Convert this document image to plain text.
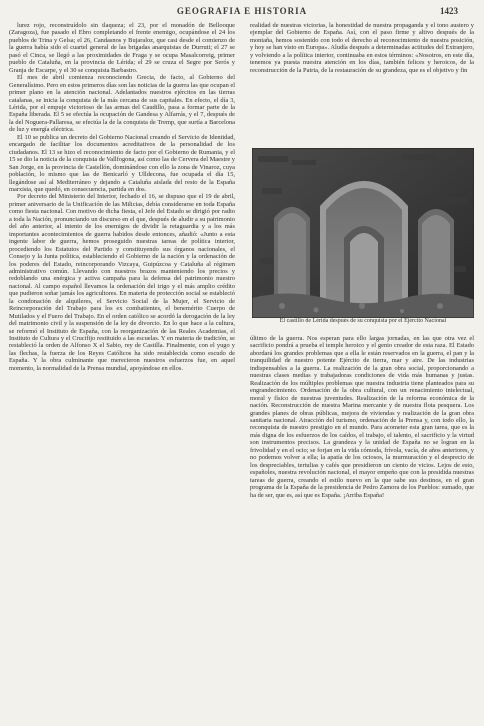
GEOGRAFIA E HISTORIA	1423

lurez rojo, reconstruídolo sin tlaqueza; el 23, por el monadón de Bellooque (Zaragoza), fue pasado el Ebro completando el frente enemigo, ocupándose el 24 los pueblos de Trina y Gelsa; el 26, Candasnos y Bujaraloz, que casi desde el comienzo de la guerra había sido el cuartel general de las brigadas anarquistas de Durruti; el 27 se pasó el Cinca, se llegó a las proximidades de Fraga y se ocupa Masalcorreig, primer pueblo de Cataluña, en la provincia de Lérida; el 29 se cruza el Segre por Serós y Granja de Escarpe, y el 30 se conquista Barbastro.

El mes de abril comienza reconociendo Grecia, de facto, al Gobierno del Generalísimo. Pero en estos primeros días son las noticias de la guerra las que ocupan el primer plano en la atención nacional. Adelantados nuestros ejércitos en las tierras catalanas, se inicia la conquista de la más cercana de sus capitales. En efecto, el día 3, Lérida, por el empuje victorioso de las armas del Caudillo, pasa a formar parte de la España liberada. El 5 se efectúa la ocupación de Gandesa y Alfarrás, y el 7, después de la del Noguera-Pallaresa, se efectúa la de la conquista de Tremp, que surtía a Barcelona de luz y energía eléctrica.

El 10 se publica un decreto del Gobierno Nacional creando el Servicio de Identidad, encargado de facilitar los documentos acreditativos de la personalidad de los ciudadanos. El 13 se hizo el reconocimiento de facto por el Gobierno de Rumania, y el 15 se dio la noticia de la conquista de Vallfogona, así como las de Cervera del Maestre y San Jorge, en la provincia de Castellón, dominándose con ello la zona de Vinaroz, cuya población, lo mismo que las de Benicarló y Ulldecona, fue ocupada el día 15, llegándose así al Mediterráneo y dejando a Cataluña aislada del resto de la España marxista, que quedó, en consecuencia, partida en dos.

Por decreto del Ministerio del Interior, fechado el 16, se dispuso que el 19 de abril, primer aniversario de la Unificación de las Milicias, debía considerarse en toda España como fiesta nacional. Con motivo de dicha fiesta, el Jefe del Estado se dirigió por radio a toda la Nación, pronunciando un discurso en el que, después de aludir a su patrimonio del año anterior, al intento de los enemigos de dividir la retaguardia y a los más importantes acontecimientos de guerra habidos desde entonces, añadió: «Junto a esta ingente labor de guerra, hemos proseguido nuestras tareas de política interior, procediendo los Estatutos del Partido y constituyendo sus órganos nacionales, el Consejo y la Junta política, estableciendo el Gobierno de la nación y la ordenación de los poderes del Estado, reincorporando Vizcaya, Guipúzcoa y Cataluña al régimen administrativo común. Llevando con nuestros brazos manteniendo los precios y redoblando una enérgica y activa campaña para la defensa del patrimonio nuestro nacional. Al campo español llevamos la ordenación del trigo y el más amplio crédito que pudieron soñar jamás los agricultores. En materia de protección social se estableció la condonación de alquileres, el Servicio Social de la Mujer, el Servicio de Reincorporación del Trabajo para los ex combatientes, el benemérito Cuerpo de Mutilados y el Fuero del Trabajo. En el orden católico se acordó la derogación de la ley del matrimonio civil y la suspensión de la ley de divorcio. En lo que hace a la cultura, se reformó el Instituto de España, con la reorganización de las Reales Academias, el Instituto de Cultura y el Crucifijo restituido a las escuelas. Y en materia de tradición, se restableció la orden de Alfonso X el Sabio, rey de Castilla. Finalmente, con el yugo y las flechas, la fuerza de los Reyes Católicos ha sido restablecida como escudo de España. Y la obra culminante que merecieron nuestros esfuerzos fue, en aquel momento, la normalidad de la Prensa mundial, apoyándose en ellos.

realidad de nuestras victorias, la honestidad de nuestra propaganda y el tono austero y ejemplar del Gobierno de España. Así, con el paso firme y altivo después de la montaña, hemos sostenido con todo el derecho al reconocimiento de nuestra posición, y hoy se han visto en Europa». Aludía después a determinadas actitudes del Extranjero, y volviendo a la política interior, continuaba en estos términos: «Nosotros, en este día, tenemos ya puesta nuestra atención en los días, también felices y heroicos, de la reconstrucción de la Patria, de la restauración de su grandeza, que es el objetivo y fin

El castillo de Lérida después de su conquista por el Ejército Nacional

último de la guerra. Nos esperan para ello largas jornadas, en las que otra vez el sacrificio pondrá a prueba el temple heroico y el genio creador de esta raza. El Estado abordará los grandes problemas que a ella le están reservados en la guerra, el pan y la tranquilidad de nuestro potente Ejército de tierra, mar y aire. De las industrias indispensables a la guerra. La realización de la gran obra social, proporcionando a nuestras clases medias y trabajadoras condiciones de vida más humanas y justas. Realización de los múltiples problemas que nuestra industria tiene planteados para su engrandecimiento. Ordenación de la obra cultural, con un renacimiento intelectual, moral y físico de nuestras juventudes. Realización de la reforma económica de la nación. Reconstrucción de nuestra Marina mercante y de nuestra flota pesquera. Los grandes planes de obras públicas, mejora de viviendas y realización de la gran obra sanitaria nacional. Atracción del turismo, ordenación de la Prensa y, con todo ello, la reconquista de nuestro prestigio en el mundo. Para acometer esta gran tarea, que es la más digna de los esfuerzos de los caídos, el trabajo, el talento, el sacrificio y la virtud son instrumentos precisos. La grandeza y la unidad de España no se logran en la frivolidad y en el ocio; se forjan en la vida cómoda, frívola, vacía, de años anteriores, y no podemos volver a ella; la apatía de los ociosos, la murmuración y el desprecio de los despreciables, tertulias y cafés que presidieron un ciento de vicios. Lejos de esto, españoles, nuestra revolución nacional, el mayor empeño que con la presidida nuestras tareas de guerra, creando el estilo nuevo en la que sabe sus destinos, en el gran programa de la España de la presidencia de Pedro Zamora de los Pueblos: sumado, que ha de ser, que es, así que es España. ¡Arriba España!
